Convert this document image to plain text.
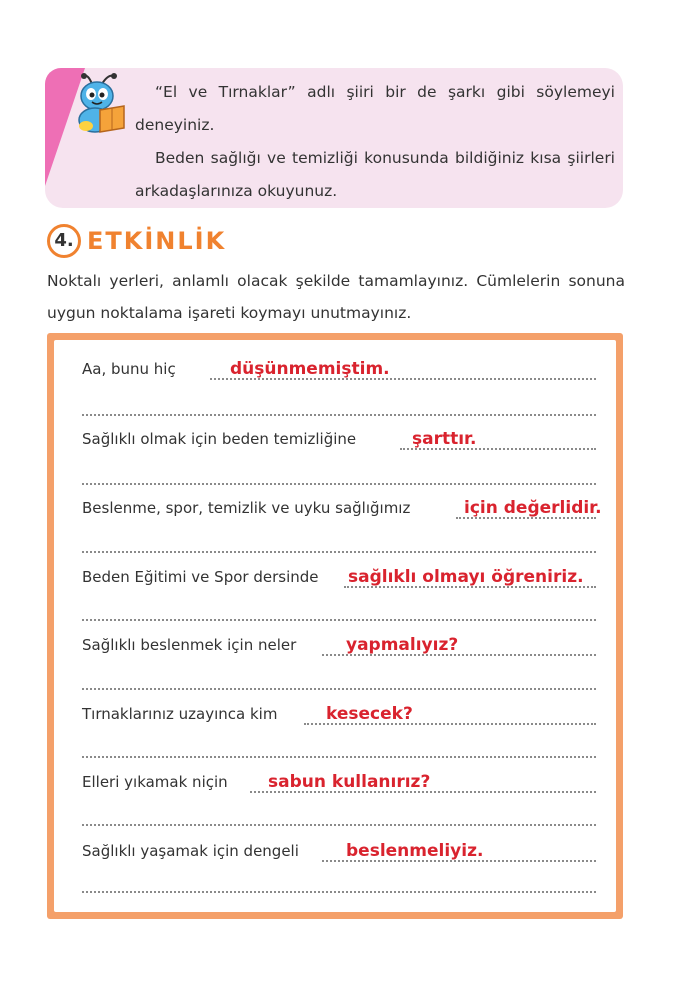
“El ve Tırnaklar” adlı şiiri bir de şarkı gibi söylemeyi deneyiniz.

Beden sağlığı ve temizliği konusunda bildiğiniz kısa şiirleri arkadaşlarınıza okuyunuz.

4. ETKİNLİK
Noktalı yerleri, anlamlı olacak şekilde tamamlayınız. Cümlelerin sonuna uygun noktalama işareti koymayı unutmayınız.
Aa, bunu hiç	düşünmemiştim.
Sağlıklı olmak için beden temizliğine	şarttır.
Beslenme, spor, temizlik ve uyku sağlığımız	için değerlidir.
Beden Eğitimi ve Spor dersinde sağlıklı olmayı öğreniriz.
Sağlıklı beslenmek için neler	yapmalıyız?
Tırnaklarınız uzayınca kim	kesecek?
Elleri yıkamak niçin sabun kullanırız?
Sağlıklı yaşamak için dengeli	beslenmeliyiz.
